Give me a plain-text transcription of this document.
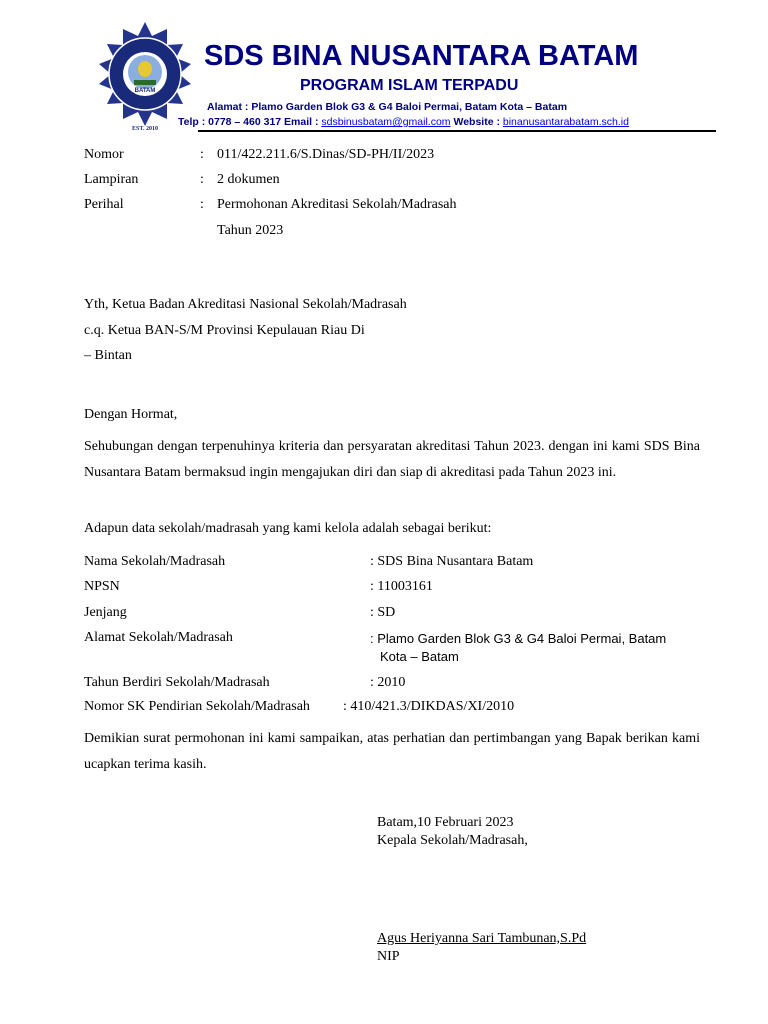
BATAM
EST. 2010
SDS BINA NUSANTARA BATAM
PROGRAM ISLAM TERPADU
Alamat : Plamo Garden Blok G3 & G4 Baloi Permai, Batam Kota – Batam
Telp : 0778 – 460 317 Email : sdsbinusbatam@gmail.com Website : binanusantarabatam.sch.id
Nomor	: 011/422.211.6/S.Dinas/SD-PH/II/2023
Lampiran	: 2 dokumen
Perihal	: Permohonan Akreditasi Sekolah/Madrasah
Tahun 2023
Yth, Ketua Badan Akreditasi Nasional Sekolah/Madrasah
c.q. Ketua BAN-S/M Provinsi Kepulauan Riau Di
– Bintan
Dengan Hormat,
Sehubungan dengan terpenuhinya kriteria dan persyaratan akreditasi Tahun 2023. dengan ini kami SDS Bina Nusantara Batam bermaksud ingin mengajukan diri dan siap di akreditasi pada Tahun 2023 ini.
Adapun data sekolah/madrasah yang kami kelola adalah sebagai berikut:
Nama Sekolah/Madrasah	: SDS Bina Nusantara Batam
NPSN	: 11003161
Jenjang	: SD
Alamat Sekolah/Madrasah	: Plamo Garden Blok G3 & G4 Baloi Permai, Batam
Kota – Batam
Tahun Berdiri Sekolah/Madrasah	: 2010
Nomor SK Pendirian Sekolah/Madrasah : 410/421.3/DIKDAS/XI/2010
Demikian surat permohonan ini kami sampaikan, atas perhatian dan pertimbangan yang Bapak berikan kami ucapkan terima kasih.
Batam,10 Februari 2023
Kepala Sekolah/Madrasah,
Agus Heriyanna Sari Tambunan,S.Pd
NIP
